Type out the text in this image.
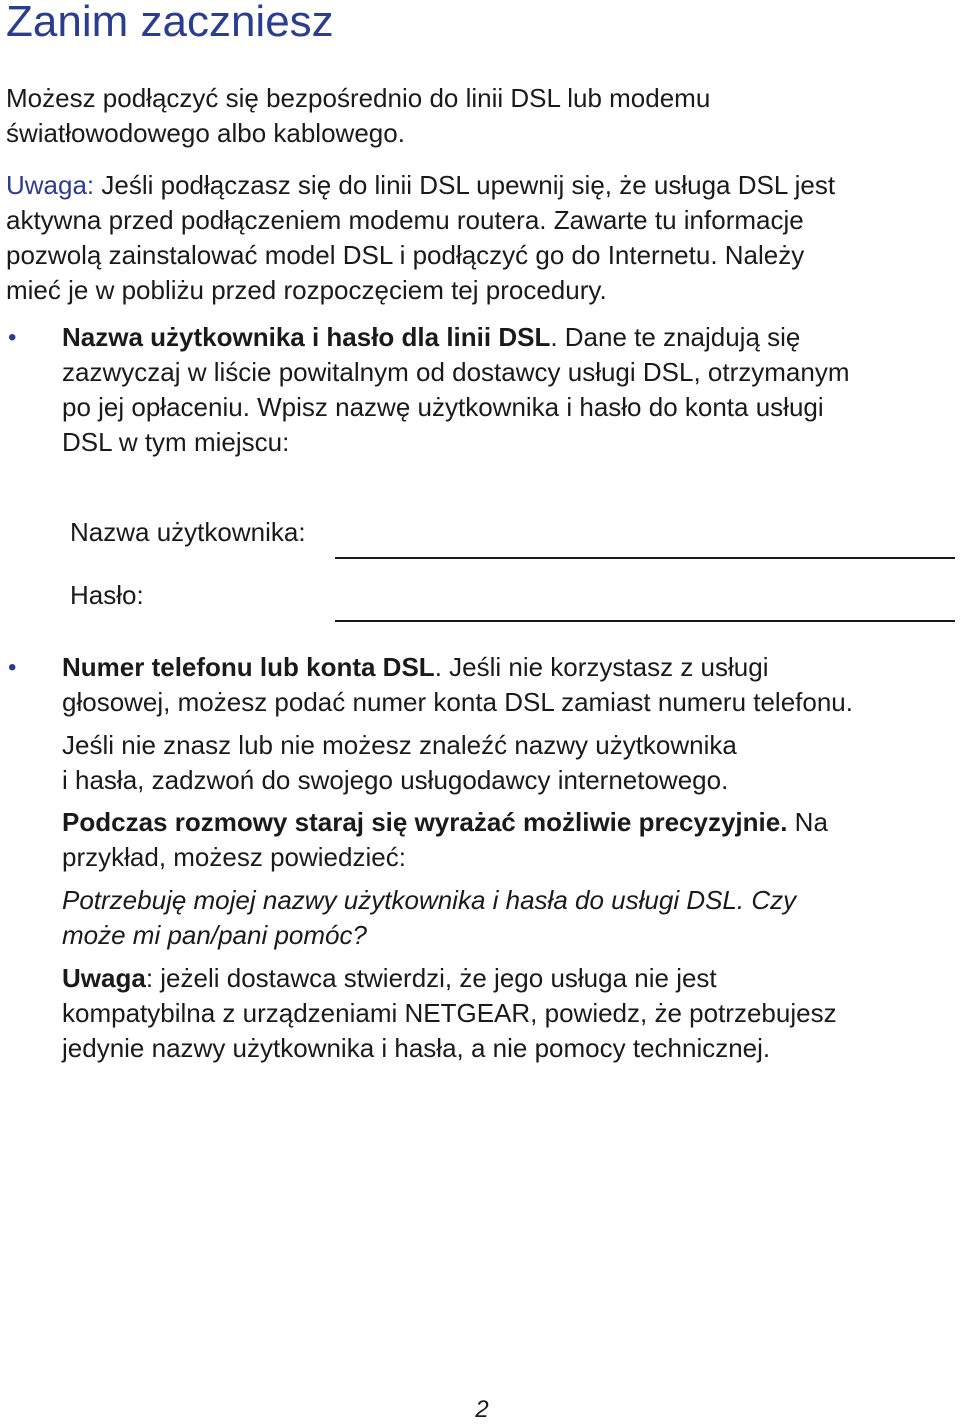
Zanim zaczniesz

Możesz podłączyć się bezpośrednio do linii DSL lub modemu
światłowodowego albo kablowego.

Uwaga: Jeśli podłączasz się do linii DSL upewnij się, że usługa DSL jest
aktywna przed podłączeniem modemu routera. Zawarte tu informacje
pozwolą zainstalować model DSL i podłączyć go do Internetu. Należy
mieć je w pobliżu przed rozpoczęciem tej procedury.

• Nazwa użytkownika i hasło dla linii DSL. Dane te znajdują się
zazwyczaj w liście powitalnym od dostawcy usługi DSL, otrzymanym
po jej opłaceniu. Wpisz nazwę użytkownika i hasło do konta usługi
DSL w tym miejscu:

Nazwa użytkownika:

Hasło:

• Numer telefonu lub konta DSL. Jeśli nie korzystasz z usługi
głosowej, możesz podać numer konta DSL zamiast numeru telefonu.

Jeśli nie znasz lub nie możesz znaleźć nazwy użytkownika
i hasła, zadzwoń do swojego usługodawcy internetowego.

Podczas rozmowy staraj się wyrażać możliwie precyzyjnie. Na
przykład, możesz powiedzieć:

Potrzebuję mojej nazwy użytkownika i hasła do usługi DSL. Czy
może mi pan/pani pomóc?

Uwaga: jeżeli dostawca stwierdzi, że jego usługa nie jest
kompatybilna z urządzeniami NETGEAR, powiedz, że potrzebujesz
jedynie nazwy użytkownika i hasła, a nie pomocy technicznej.

2
